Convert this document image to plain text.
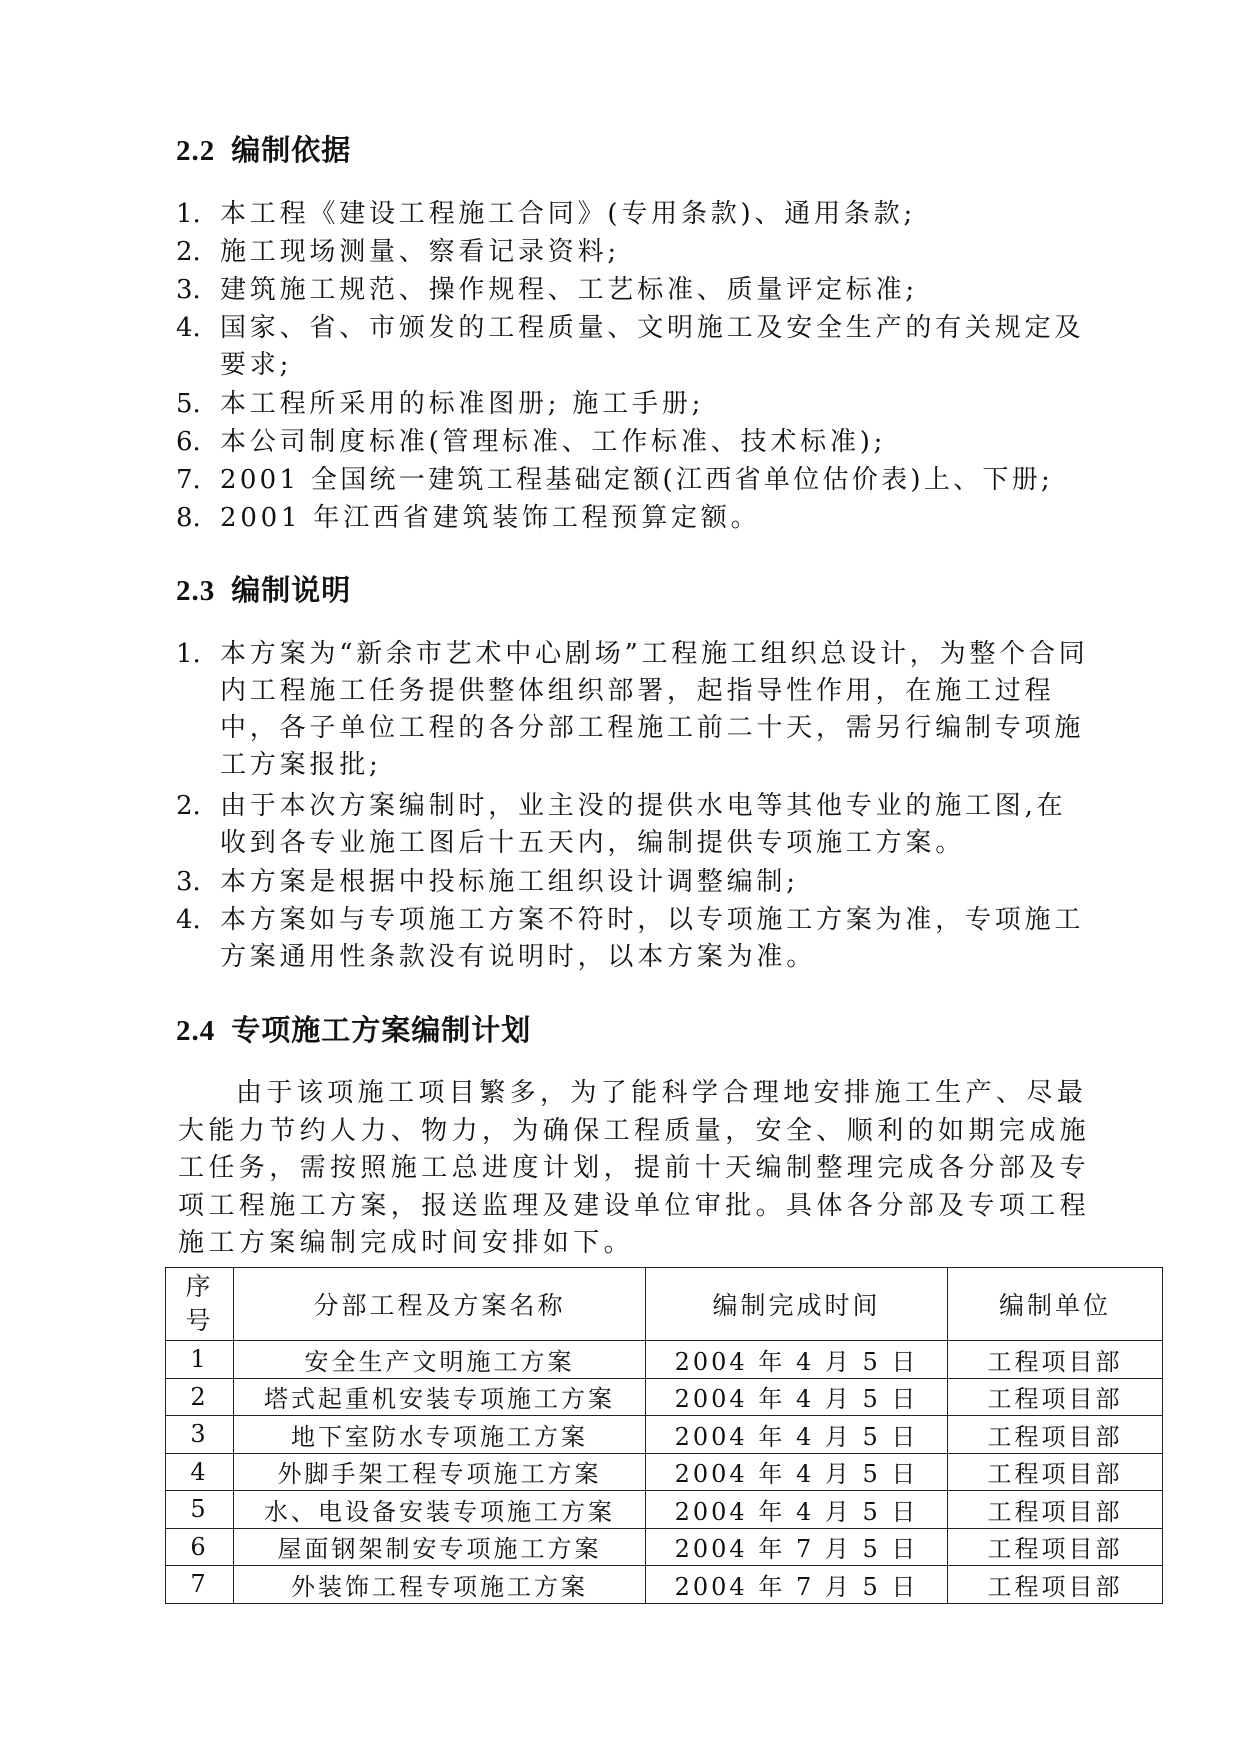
2.2 编制依据
1. 本工程《建设工程施工合同》(专用条款)、通用条款;
2. 施工现场测量、察看记录资料;
3. 建筑施工规范、操作规程、工艺标准、质量评定标准;
4. 国家、省、市颁发的工程质量、文明施工及安全生产的有关规定及要求;
5. 本工程所采用的标准图册; 施工手册;
6. 本公司制度标准(管理标准、工作标准、技术标准);
7. 2001 全国统一建筑工程基础定额(江西省单位估价表)上、下册;
8. 2001 年江西省建筑装饰工程预算定额。
2.3 编制说明
1. 本方案为“新余市艺术中心剧场”工程施工组织总设计，为整个合同内工程施工任务提供整体组织部署，起指导性作用，在施工过程中，各子单位工程的各分部工程施工前二十天，需另行编制专项施工方案报批;
2. 由于本次方案编制时，业主没的提供水电等其他专业的施工图,在收到各专业施工图后十五天内，编制提供专项施工方案。
3. 本方案是根据中投标施工组织设计调整编制;
4. 本方案如与专项施工方案不符时，以专项施工方案为准，专项施工方案通用性条款没有说明时，以本方案为准。
2.4 专项施工方案编制计划
由于该项施工项目繁多，为了能科学合理地安排施工生产、尽最大能力节约人力、物力，为确保工程质量，安全、顺利的如期完成施工任务，需按照施工总进度计划，提前十天编制整理完成各分部及专项工程施工方案，报送监理及建设单位审批。具体各分部及专项工程施工方案编制完成时间安排如下。
序
号	分部工程及方案名称	编制完成时间	编制单位
1	安全生产文明施工方案	2004 年 4 月 5 日	工程项目部
2	塔式起重机安装专项施工方案	2004 年 4 月 5 日	工程项目部
3	地下室防水专项施工方案	2004 年 4 月 5 日	工程项目部
4	外脚手架工程专项施工方案	2004 年 4 月 5 日	工程项目部
5	水、电设备安装专项施工方案	2004 年 4 月 5 日	工程项目部
6	屋面钢架制安专项施工方案	2004 年 7 月 5 日	工程项目部
7	外装饰工程专项施工方案	2004 年 7 月 5 日	工程项目部
